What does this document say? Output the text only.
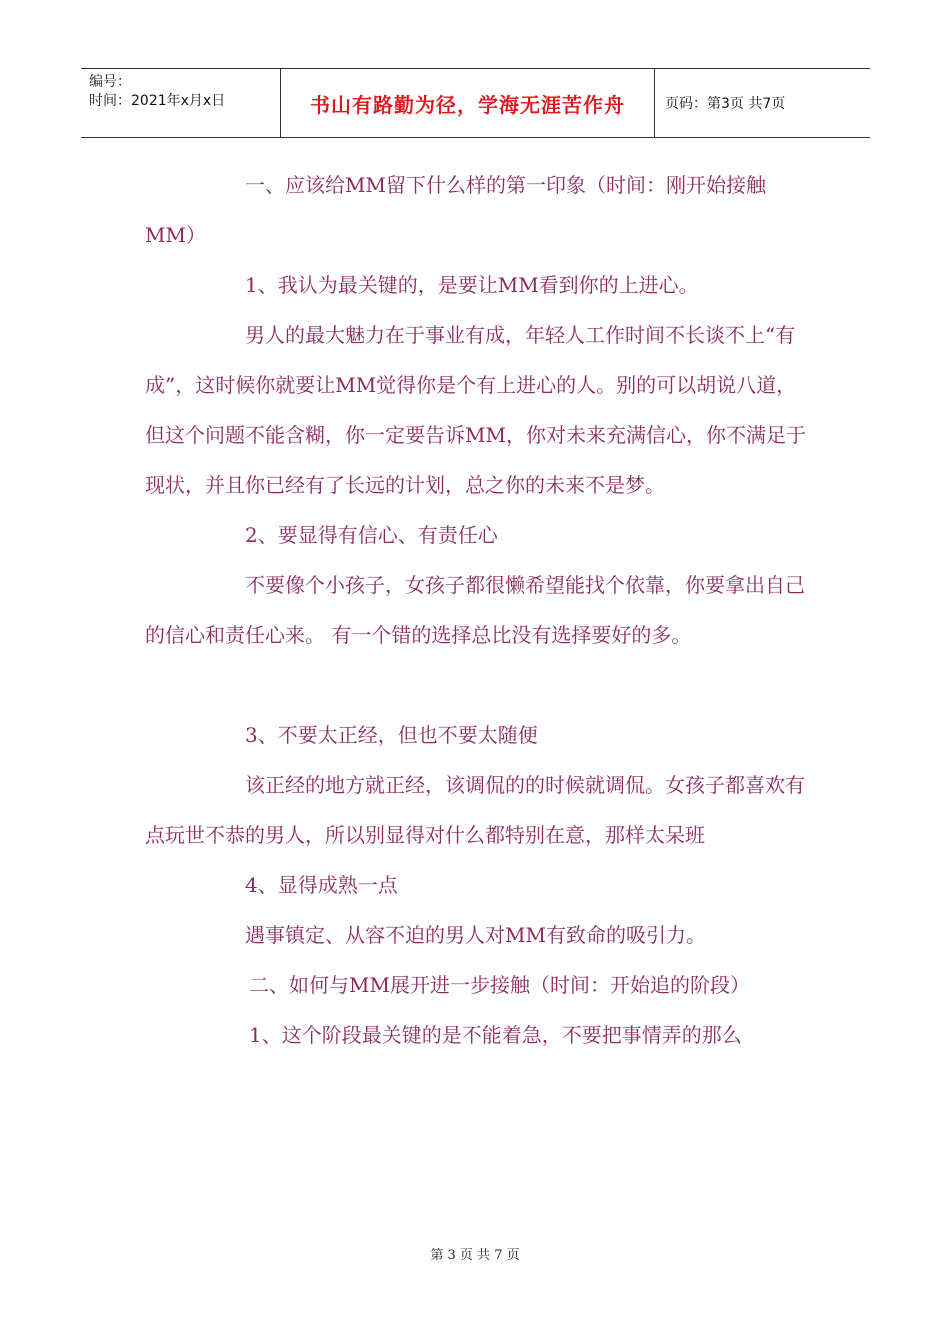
编号：
时间：2021年x月x日	书山有路勤为径，学海无涯苦作舟	页码：第3页 共7页

一、应该给MM留下什么样的第一印象（时间：刚开始接触MM）

1、我认为最关键的，是要让MM看到你的上进心。

男人的最大魅力在于事业有成，年轻人工作时间不长谈不上“有成”，这时候你就要让MM觉得你是个有上进心的人。别的可以胡说八道，但这个问题不能含糊，你一定要告诉MM，你对未来充满信心，你不满足于现状，并且你已经有了长远的计划，总之你的未来不是梦。

2、要显得有信心、有责任心

不要像个小孩子，女孩子都很懒希望能找个依靠，你要拿出自己的信心和责任心来。 有一个错的选择总比没有选择要好的多。

3、不要太正经，但也不要太随便

该正经的地方就正经，该调侃的的时候就调侃。女孩子都喜欢有点玩世不恭的男人，所以别显得对什么都特别在意，那样太呆班

4、显得成熟一点

遇事镇定、从容不迫的男人对MM有致命的吸引力。

二、如何与MM展开进一步接触（时间：开始追的阶段）

1、这个阶段最关键的是不能着急，不要把事情弄的那么

第 3 页 共 7 页
